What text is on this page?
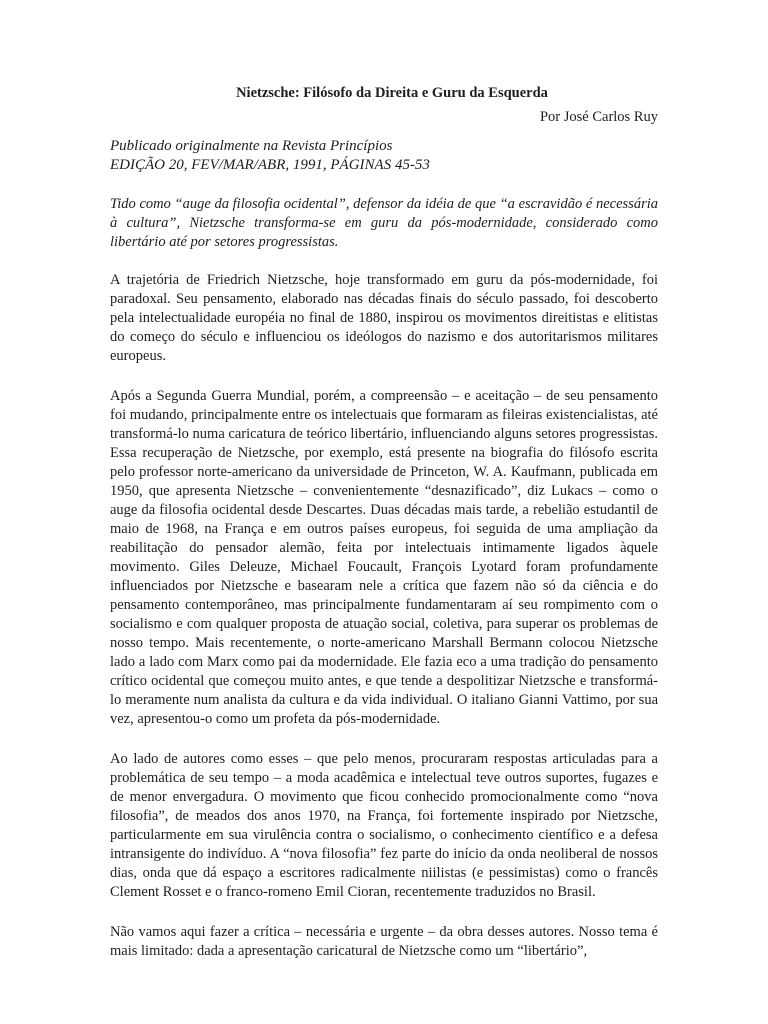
Nietzsche: Filósofo da Direita e Guru da Esquerda

Por José Carlos Ruy

Publicado originalmente na Revista Princípios
EDIÇÃO 20, FEV/MAR/ABR, 1991, PÁGINAS 45-53

Tido como “auge da filosofia ocidental”, defensor da idéia de que “a escravidão é necessária à cultura”, Nietzsche transforma-se em guru da pós-modernidade, considerado como libertário até por setores progressistas.

A trajetória de Friedrich Nietzsche, hoje transformado em guru da pós-modernidade, foi paradoxal. Seu pensamento, elaborado nas décadas finais do século passado, foi descoberto pela intelectualidade européia no final de 1880, inspirou os movimentos direitistas e elitistas do começo do século e influenciou os ideólogos do nazismo e dos autoritarismos militares europeus.

Após a Segunda Guerra Mundial, porém, a compreensão – e aceitação – de seu pensamento foi mudando, principalmente entre os intelectuais que formaram as fileiras existencialistas, até transformá-lo numa caricatura de teórico libertário, influenciando alguns setores progressistas. Essa recuperação de Nietzsche, por exemplo, está presente na biografia do filósofo escrita pelo professor norte-americano da universidade de Princeton, W. A. Kaufmann, publicada em 1950, que apresenta Nietzsche – convenientemente “desnazificado”, diz Lukacs – como o auge da filosofia ocidental desde Descartes. Duas décadas mais tarde, a rebelião estudantil de maio de 1968, na França e em outros países europeus, foi seguida de uma ampliação da reabilitação do pensador alemão, feita por intelectuais intimamente ligados àquele movimento. Giles Deleuze, Michael Foucault, François Lyotard foram profundamente influenciados por Nietzsche e basearam nele a crítica que fazem não só da ciência e do pensamento contemporâneo, mas principalmente fundamentaram aí seu rompimento com o socialismo e com qualquer proposta de atuação social, coletiva, para superar os problemas de nosso tempo. Mais recentemente, o norte-americano Marshall Bermann colocou Nietzsche lado a lado com Marx como pai da modernidade. Ele fazia eco a uma tradição do pensamento crítico ocidental que começou muito antes, e que tende a despolitizar Nietzsche e transformá-lo meramente num analista da cultura e da vida individual. O italiano Gianni Vattimo, por sua vez, apresentou-o como um profeta da pós-modernidade.

Ao lado de autores como esses – que pelo menos, procuraram respostas articuladas para a problemática de seu tempo – a moda acadêmica e intelectual teve outros suportes, fugazes e de menor envergadura. O movimento que ficou conhecido promocionalmente como “nova filosofia”, de meados dos anos 1970, na França, foi fortemente inspirado por Nietzsche, particularmente em sua virulência contra o socialismo, o conhecimento científico e a defesa intransigente do indivíduo. A “nova filosofia” fez parte do início da onda neoliberal de nossos dias, onda que dá espaço a escritores radicalmente niilistas (e pessimistas) como o francês Clement Rosset e o franco-romeno Emil Cioran, recentemente traduzidos no Brasil.

Não vamos aqui fazer a crítica – necessária e urgente – da obra desses autores. Nosso tema é mais limitado: dada a apresentação caricatural de Nietzsche como um “libertário”,
